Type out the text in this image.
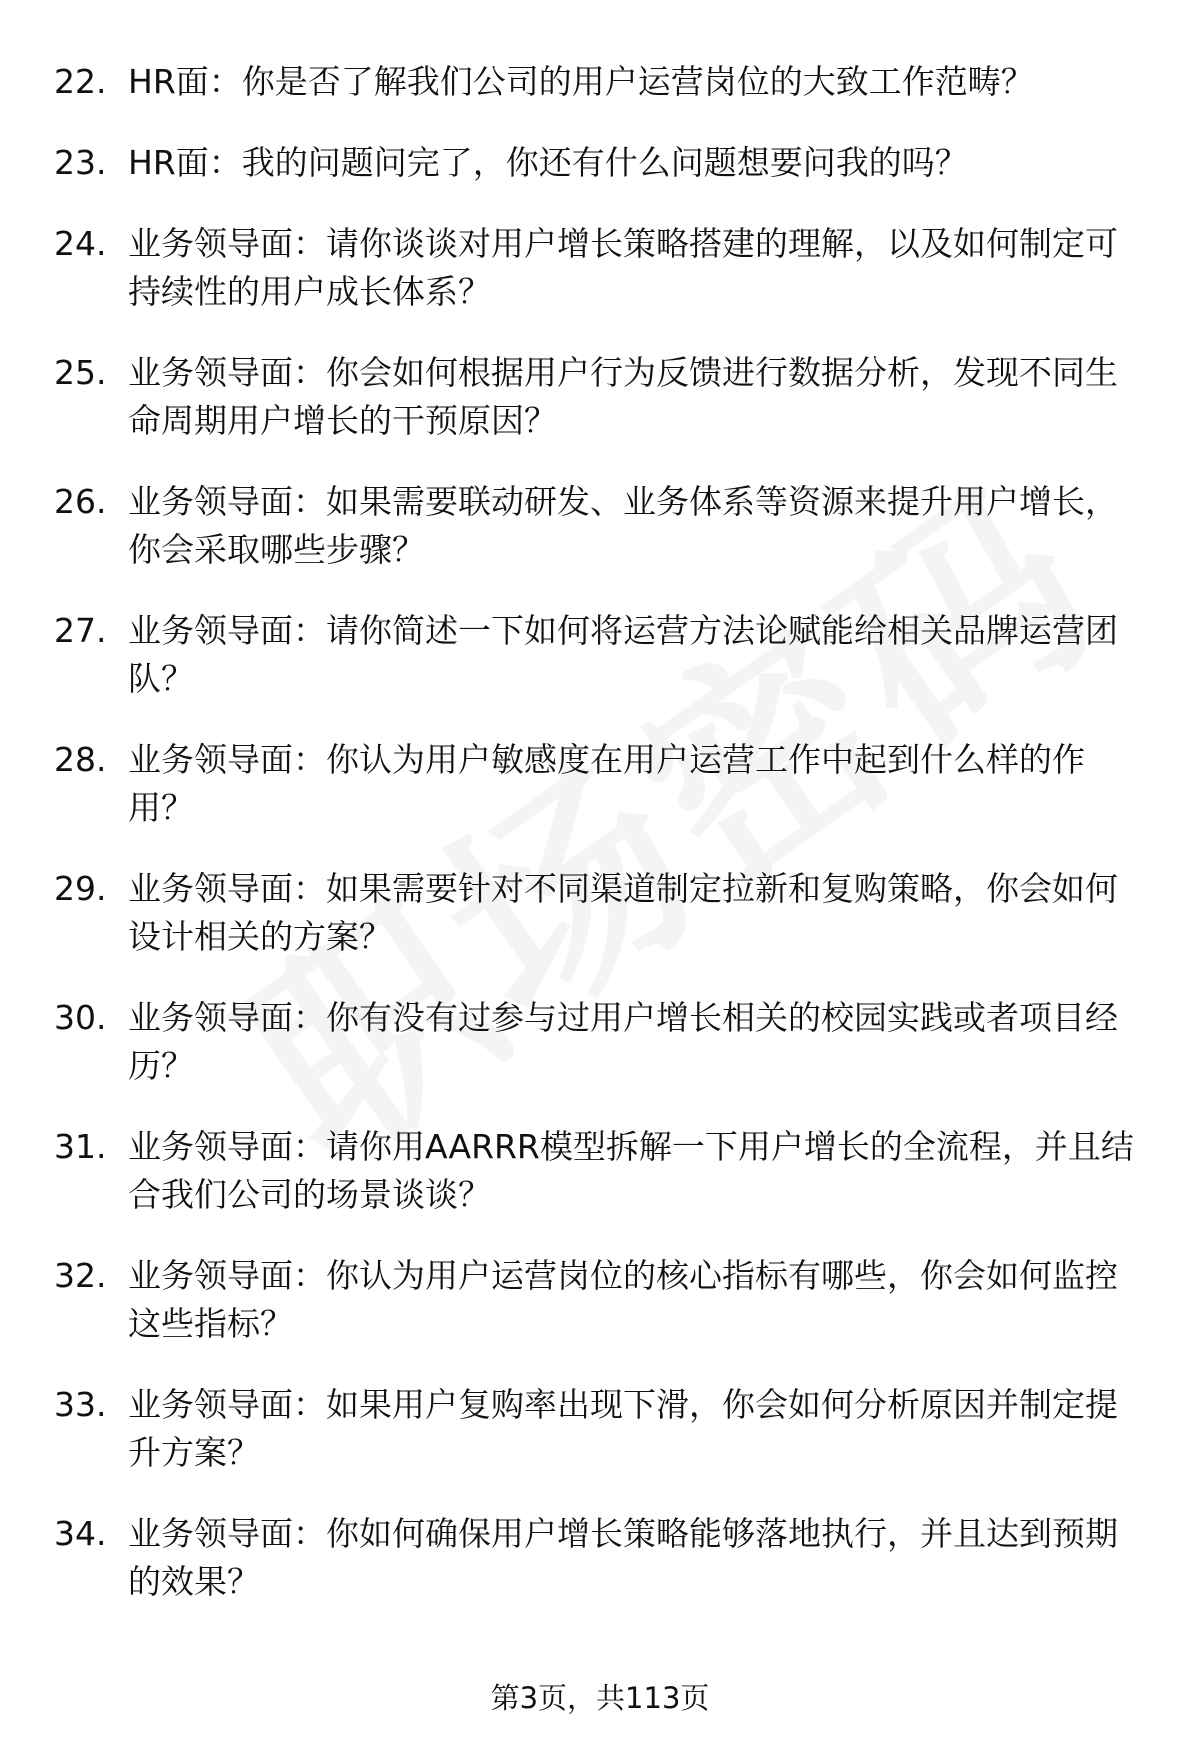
22. HR面：你是否了解我们公司的用户运营岗位的大致工作范畴？
23. HR面：我的问题问完了，你还有什么问题想要问我的吗？
24. 业务领导面：请你谈谈对用户增长策略搭建的理解，以及如何制定可持续性的用户成长体系？
25. 业务领导面：你会如何根据用户行为反馈进行数据分析，发现不同生命周期用户增长的干预原因？
26. 业务领导面：如果需要联动研发、业务体系等资源来提升用户增长，你会采取哪些步骤？
27. 业务领导面：请你简述一下如何将运营方法论赋能给相关品牌运营团队？
28. 业务领导面：你认为用户敏感度在用户运营工作中起到什么样的作用？
29. 业务领导面：如果需要针对不同渠道制定拉新和复购策略，你会如何设计相关的方案？
30. 业务领导面：你有没有过参与过用户增长相关的校园实践或者项目经历？
31. 业务领导面：请你用AARRR模型拆解一下用户增长的全流程，并且结合我们公司的场景谈谈？
32. 业务领导面：你认为用户运营岗位的核心指标有哪些，你会如何监控这些指标？
33. 业务领导面：如果用户复购率出现下滑，你会如何分析原因并制定提升方案？
34. 业务领导面：你如何确保用户增长策略能够落地执行，并且达到预期的效果？
第3页，共113页
